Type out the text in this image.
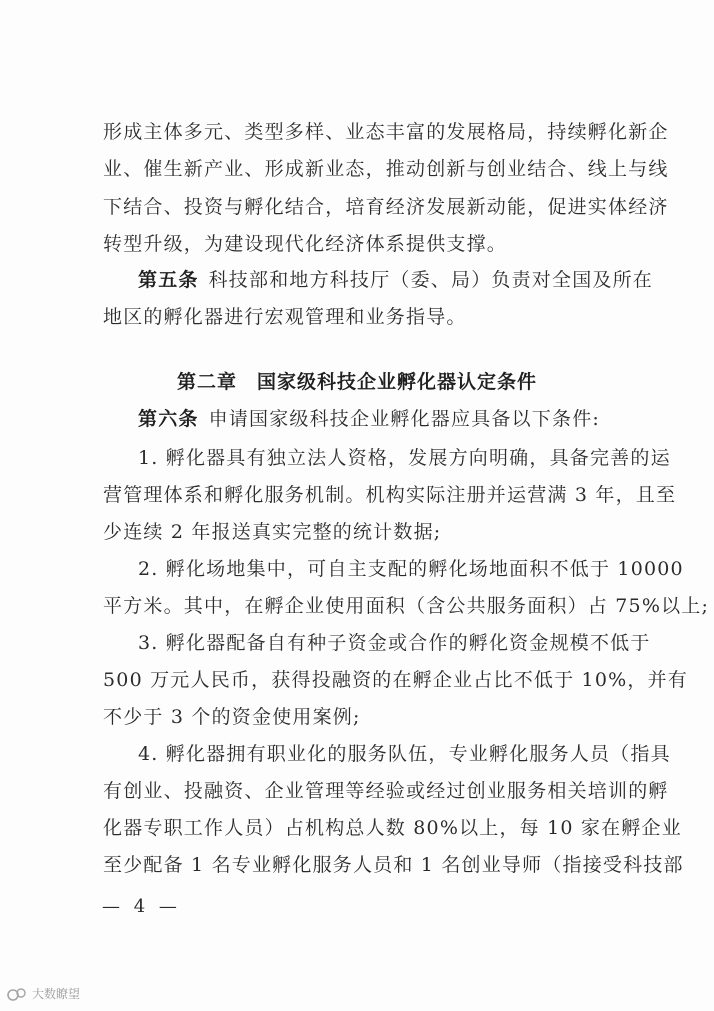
形成主体多元、类型多样、业态丰富的发展格局，持续孵化新企
业、催生新产业、形成新业态，推动创新与创业结合、线上与线
下结合、投资与孵化结合，培育经济发展新动能，促进实体经济
转型升级，为建设现代化经济体系提供支撑。
第五条 科技部和地方科技厅（委、局）负责对全国及所在
地区的孵化器进行宏观管理和业务指导。
第二章　国家级科技企业孵化器认定条件
第六条 申请国家级科技企业孵化器应具备以下条件:
1. 孵化器具有独立法人资格，发展方向明确，具备完善的运
营管理体系和孵化服务机制。机构实际注册并运营满 3 年，且至
少连续 2 年报送真实完整的统计数据;
2. 孵化场地集中，可自主支配的孵化场地面积不低于 10000
平方米。其中，在孵企业使用面积（含公共服务面积）占 75%以上;
3. 孵化器配备自有种子资金或合作的孵化资金规模不低于
500 万元人民币，获得投融资的在孵企业占比不低于 10%，并有
不少于 3 个的资金使用案例;
4. 孵化器拥有职业化的服务队伍，专业孵化服务人员（指具
有创业、投融资、企业管理等经验或经过创业服务相关培训的孵
化器专职工作人员）占机构总人数 80%以上，每 10 家在孵企业
至少配备 1 名专业孵化服务人员和 1 名创业导师（指接受科技部
— 4 —
大数瞭望
